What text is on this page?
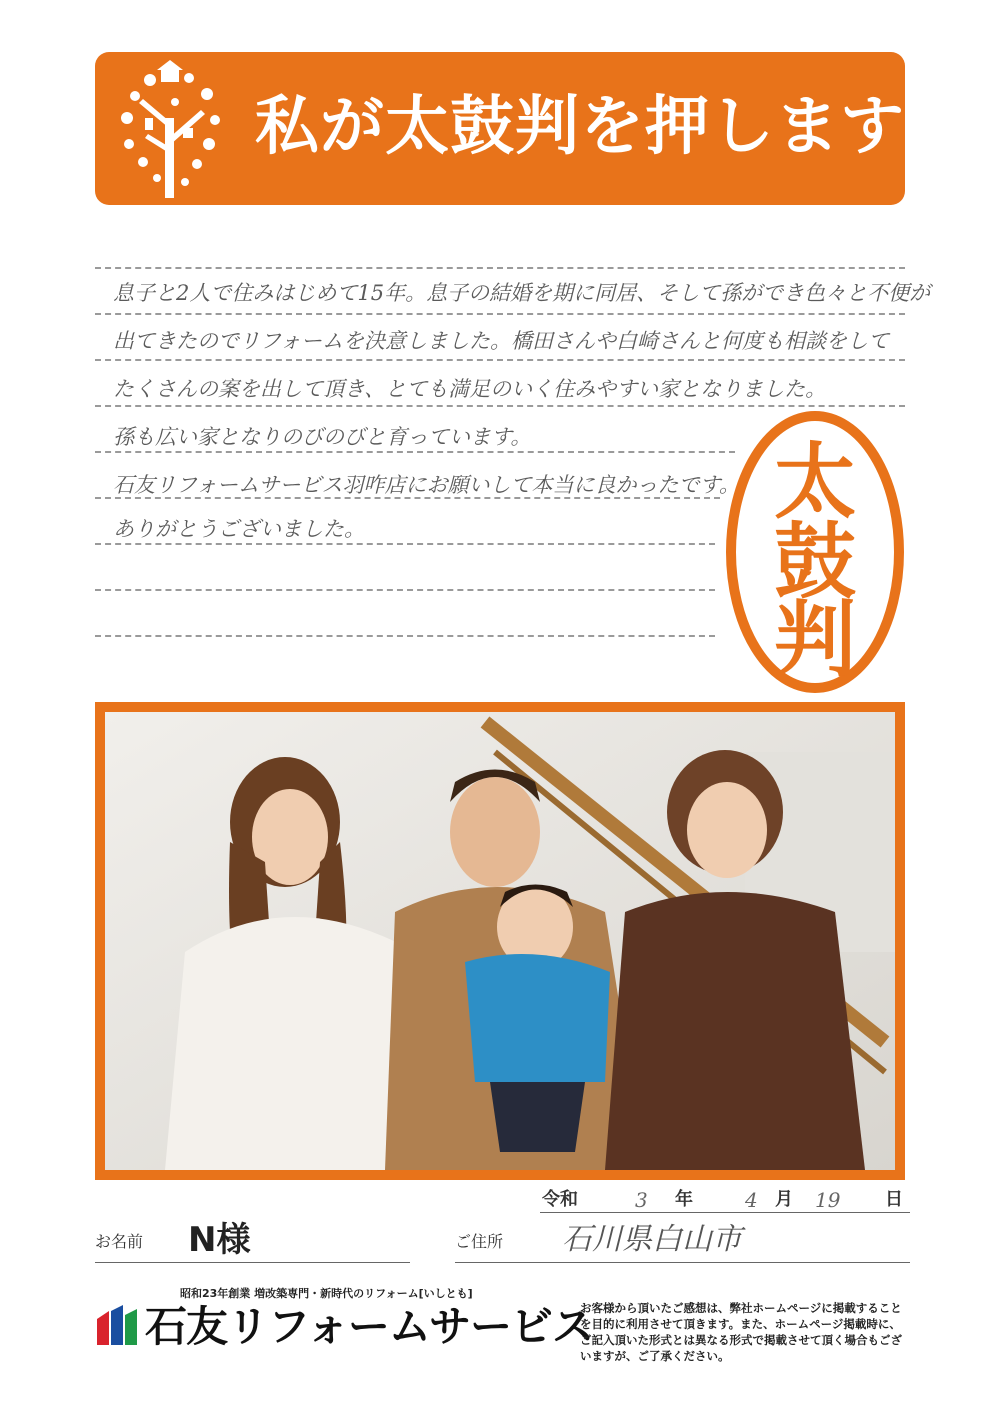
私が太鼓判を押します!
息子と2人で住みはじめて15年。息子の結婚を期に同居、そして孫ができ色々と不便が
出てきたのでリフォームを決意しました。橋田さんや白崎さんと何度も相談をして
たくさんの案を出して頂き、とても満足のいく住みやすい家となりました。
孫も広い家となりのびのびと育っています。
石友リフォームサービス羽咋店にお願いして本当に良かったです。
ありがとうございました。	太
鼓
判
令和	3 年	4 月 19 日
お名前 N様	ご住所 石川県白山市
昭和23年創業 増改築専門・新時代のリフォーム[いしとも]
石友リフォームサービス
お客様から頂いたご感想は、弊社ホームページに掲載することを目的に利用させて頂きます。また、ホームページ掲載時に、ご記入頂いた形式とは異なる形式で掲載させて頂く場合もございますが、ご了承ください。
